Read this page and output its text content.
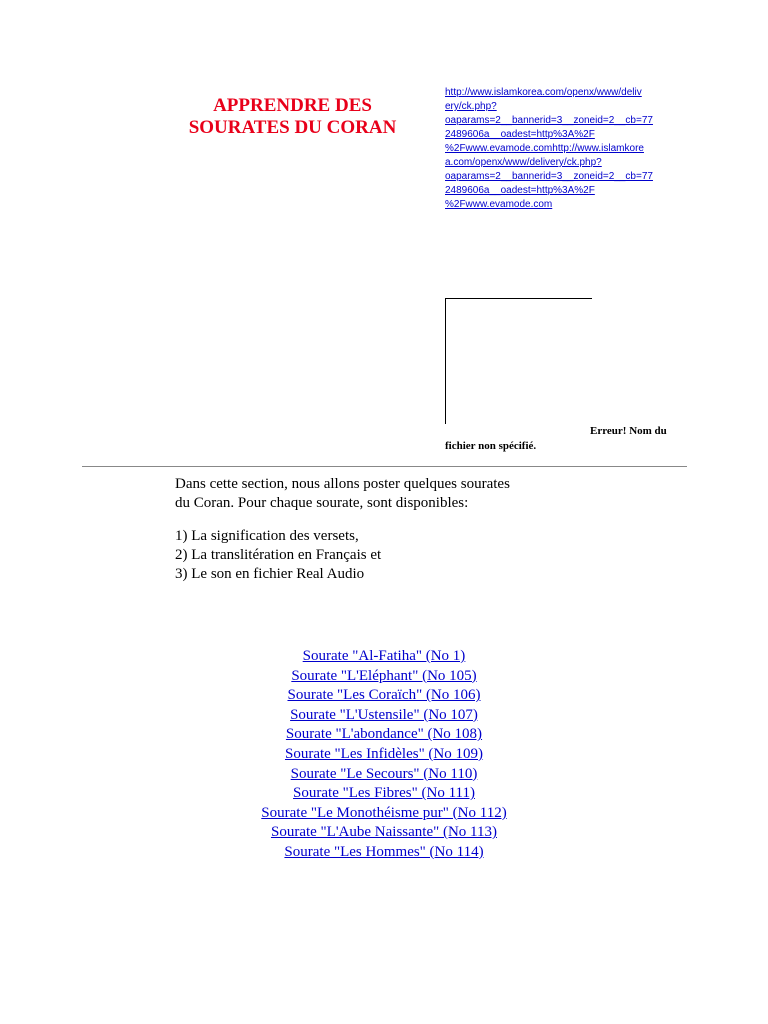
APPRENDRE DES
SOURATES DU CORAN
http://www.islamkorea.com/openx/www/deliv
ery/ck.php?
oaparams=2__bannerid=3__zoneid=2__cb=77
2489606a__oadest=http%3A%2F
%2Fwww.evamode.comhttp://www.islamkore
a.com/openx/www/delivery/ck.php?
oaparams=2__bannerid=3__zoneid=2__cb=77
2489606a__oadest=http%3A%2F
%2Fwww.evamode.com
Erreur! Nom du
fichier non spécifié.

Dans cette section, nous allons poster quelques sourates
du Coran. Pour chaque sourate, sont disponibles:

1) La signification des versets,
2) La translitération en Français et
3) Le son en fichier Real Audio
Sourate "Al-Fatiha" (No 1)
Sourate "L'Eléphant" (No 105)
Sourate "Les Coraïch" (No 106)
Sourate "L'Ustensile" (No 107)
Sourate "L'abondance" (No 108)
Sourate "Les Infidèles" (No 109)
Sourate "Le Secours" (No 110)
Sourate "Les Fibres" (No 111)
Sourate "Le Monothéisme pur" (No 112)
Sourate "L'Aube Naissante" (No 113)
Sourate "Les Hommes" (No 114)
